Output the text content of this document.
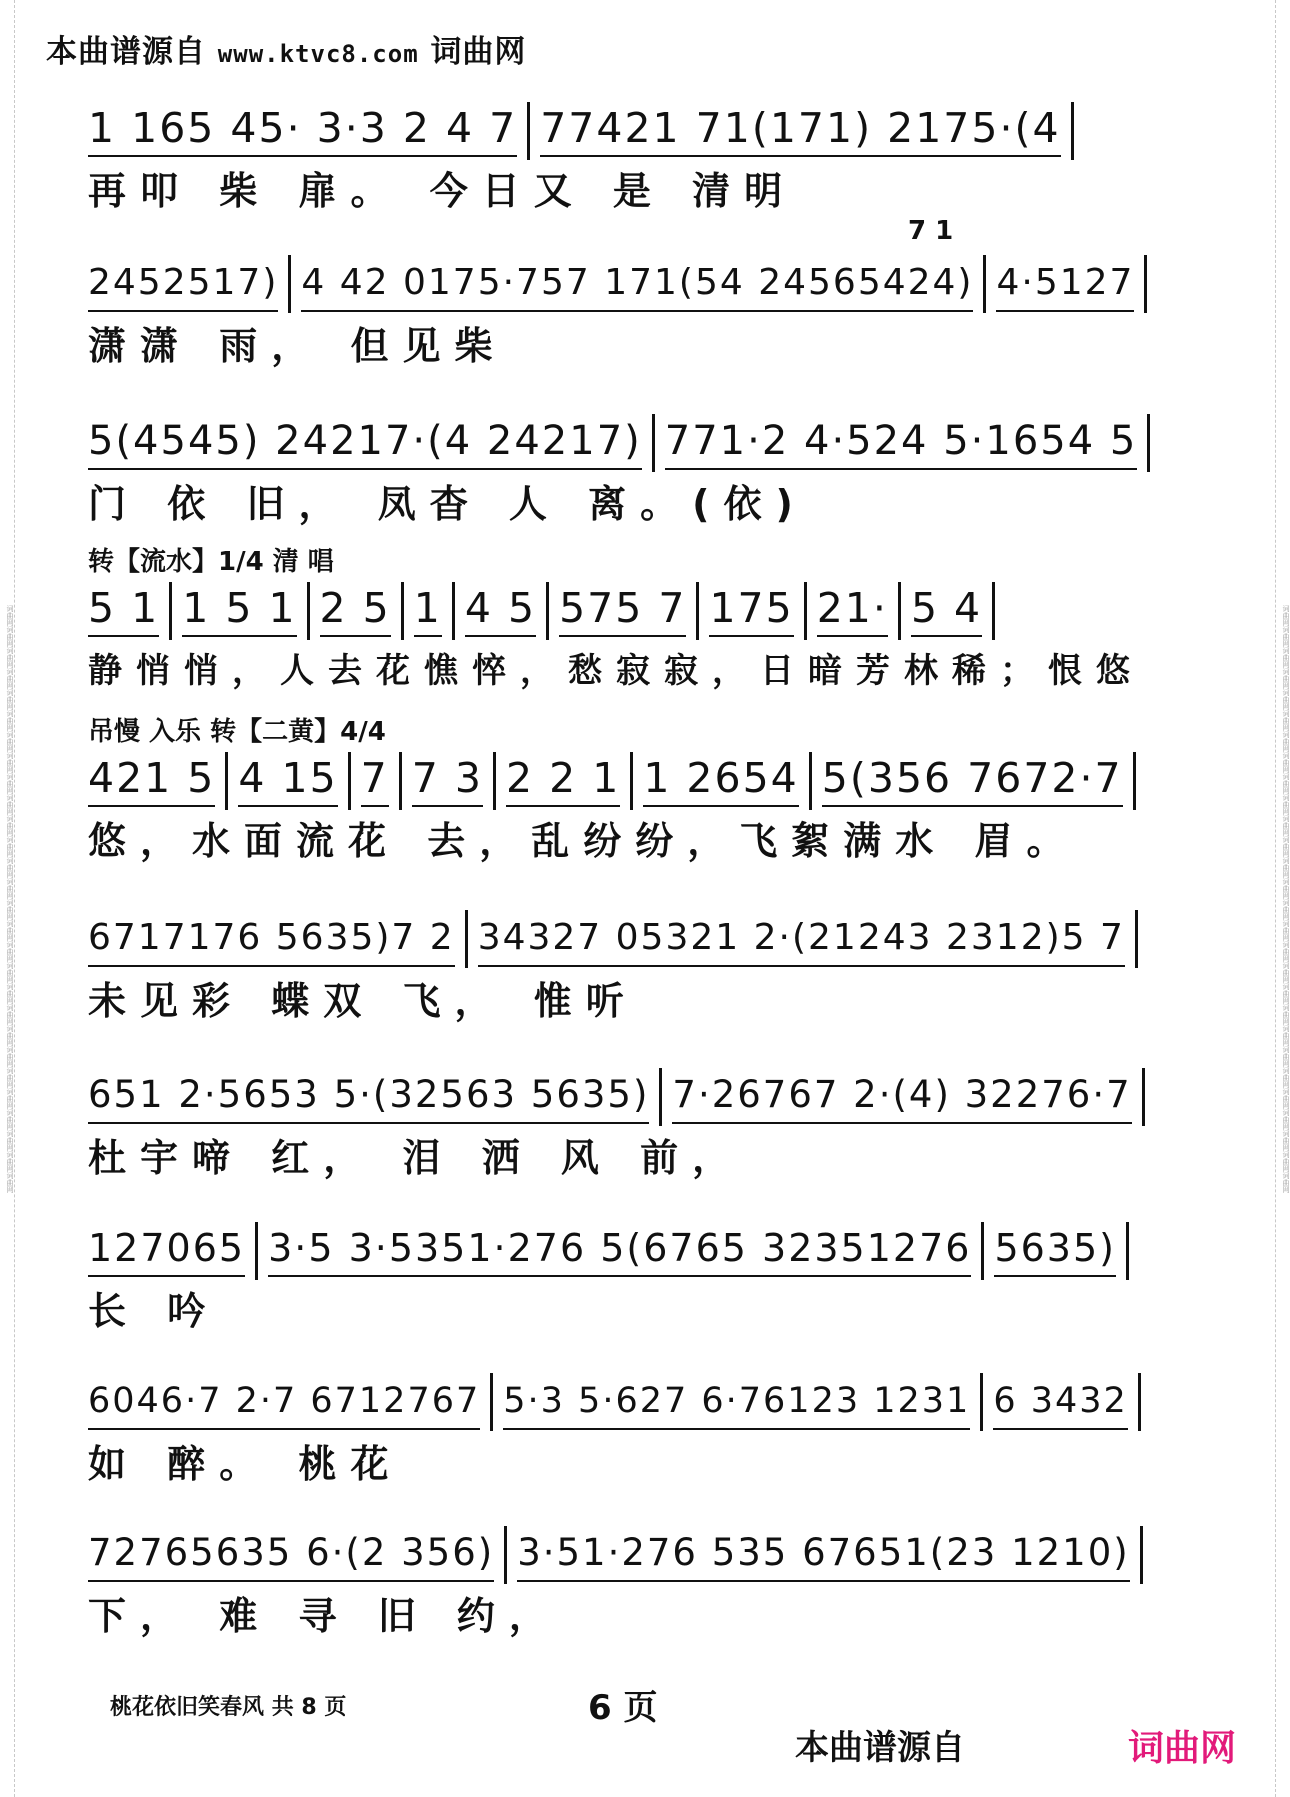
词曲网词曲网词曲网词曲网词曲网词曲网词曲网词曲网词曲网词曲网词曲网词曲网词曲网词曲网词曲网词曲网词曲网词曲网词曲网词曲网词曲网词曲网词曲网词曲网词曲网词曲网词曲网词曲网	词曲网词曲网词曲网词曲网词曲网词曲网词曲网词曲网词曲网词曲网词曲网词曲网词曲网词曲网词曲网词曲网词曲网词曲网词曲网词曲网词曲网词曲网词曲网词曲网词曲网词曲网词曲网词曲网
本曲谱源自 www.ktvc8.com 词曲网
1 165 45· 3·3 2 4 7 77421 71(171) 2175·(4
再叩 柴 扉。 今日又 是 清明
7 1
2452517) 4 42 0175·757 171(54 24565424) 4·5127
潇潇 雨， 但见柴
5(4545) 24217·(4 24217) 771·2 4·524 5·1654 5
门 依 旧， 凤杳 人 离。(依)
转【流水】1/4 清 唱
5 1 1 5 1 2 5 1 4 5 575 7 175 21· 5 4
静悄悄，人去花憔悴，愁寂寂，日暗芳林稀；恨悠
吊慢 入乐 转【二黄】4/4
421 5 4 15 7 7 3 2 2 1 1 2654 5(356 7672·7
悠，水面流花 去，乱纷纷，飞絮满水 眉。
6717176 5635)7 2 34327 05321 2·(21243 2312)5 7
未见彩 蝶双 飞， 惟听
651 2·5653 5·(32563 5635) 7·26767 2·(4) 32276·7
杜宇啼 红， 泪 洒 风 前，
127065 3·5 3·5351·276 5(6765 32351276 5635)
长 吟
6046·7 2·7 6712767 5·3 5·627 6·76123 1231 6 3432
如 醉。 桃花
72765635 6·(2 356) 3·51·276 535 67651(23 1210)
下， 难 寻 旧 约，
桃花依旧笑春风 共 8 页	6 页
本曲谱源自	词曲网
